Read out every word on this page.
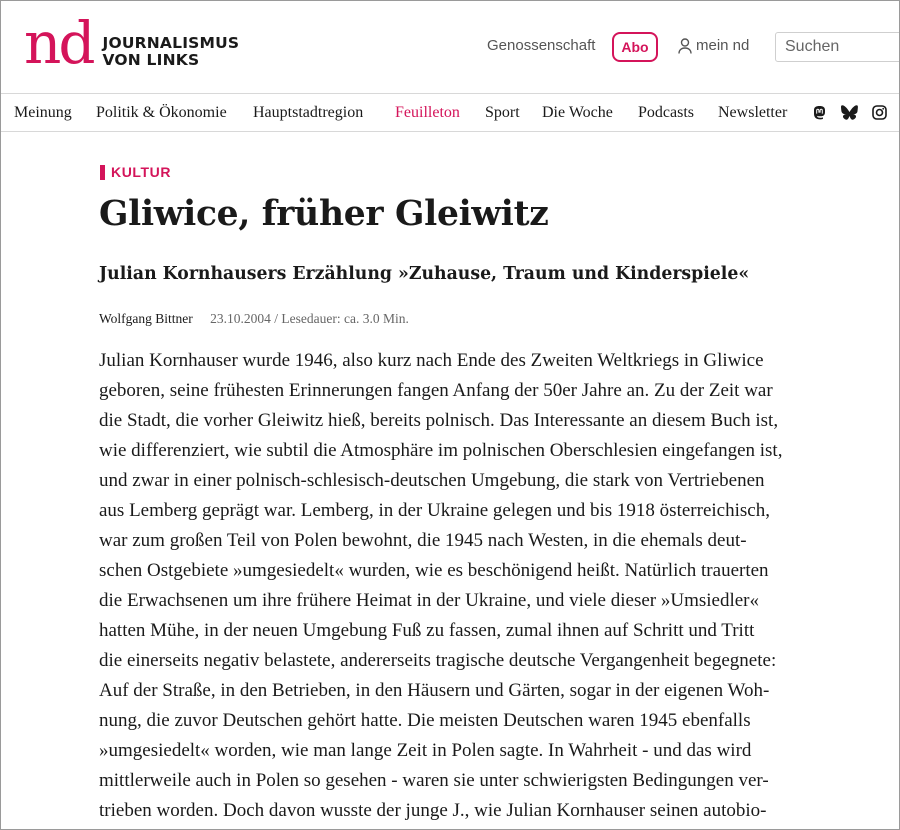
nd JOURNALISMUS
VON LINKS
Genossenschaft	Abo	mein nd
Suchen
Meinung Politik & Ökonomie Hauptstadtregion Feuilleton Sport Die Woche Podcasts Newsletter
KULTUR
Gliwice, früher Gleiwitz
Julian Kornhausers Erzählung »Zuhause, Traum und Kinderspiele«
Wolfgang Bittner 23.10.2004 / Lesedauer: ca. 3.0 Min.
Julian Kornhauser wurde 1946, also kurz nach Ende des Zweiten Weltkriegs in Gliwice
geboren, seine frühesten Erinnerungen fangen Anfang der 50er Jahre an. Zu der Zeit war
die Stadt, die vorher Gleiwitz hieß, bereits polnisch. Das Interessante an diesem Buch ist,
wie differenziert, wie subtil die Atmosphäre im polnischen Oberschlesien eingefangen ist,
und zwar in einer polnisch-schlesisch-deutschen Umgebung, die stark von Vertriebenen
aus Lemberg geprägt war. Lemberg, in der Ukraine gelegen und bis 1918 österreichisch,
war zum großen Teil von Polen bewohnt, die 1945 nach Westen, in die ehemals deut-
schen Ostgebiete »umgesiedelt« wurden, wie es beschönigend heißt. Natürlich trauerten
die Erwachsenen um ihre frühere Heimat in der Ukraine, und viele dieser »Umsiedler«
hatten Mühe, in der neuen Umgebung Fuß zu fassen, zumal ihnen auf Schritt und Tritt
die einerseits negativ belastete, andererseits tragische deutsche Vergangenheit begegnete:
Auf der Straße, in den Betrieben, in den Häusern und Gärten, sogar in der eigenen Woh-
nung, die zuvor Deutschen gehört hatte. Die meisten Deutschen waren 1945 ebenfalls
»umgesiedelt« worden, wie man lange Zeit in Polen sagte. In Wahrheit - und das wird
mittlerweile auch in Polen so gesehen - waren sie unter schwierigsten Bedingungen ver-
trieben worden. Doch davon wusste der junge J., wie Julian Kornhauser seinen autobio-
